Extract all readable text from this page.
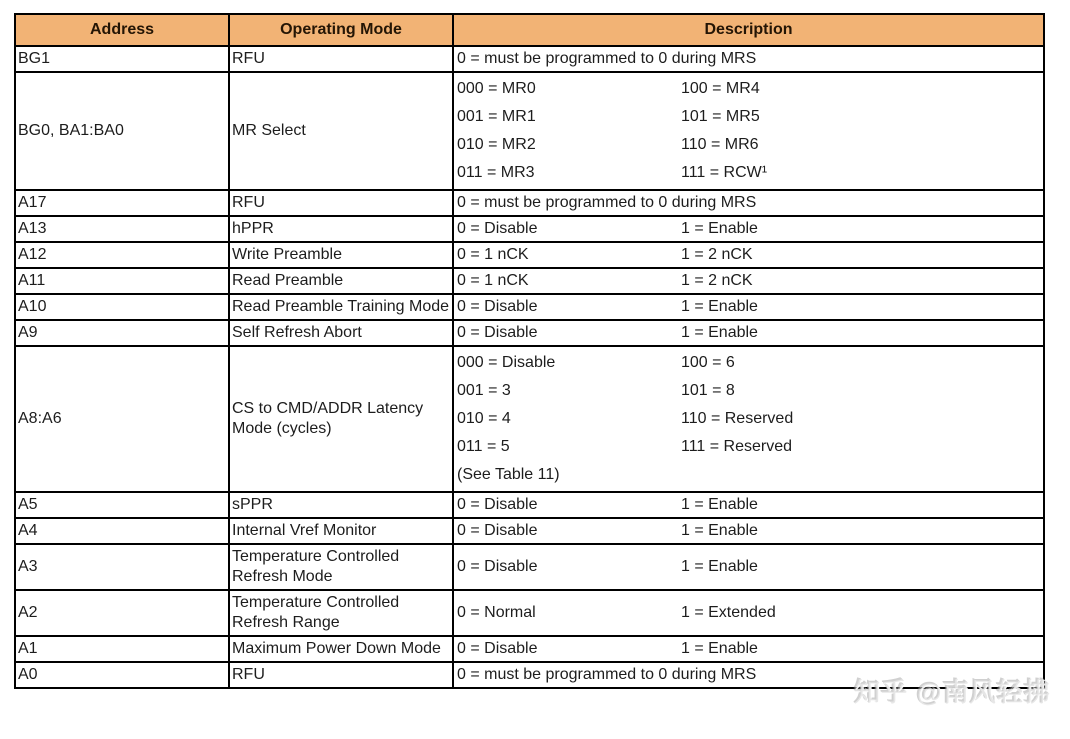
Address	Operating Mode	Description
BG1	RFU	0 = must be programmed to 0 during MRS

BG0, BA1:BA0	MR Select	000 = MR0 100 = MR4
001 = MR1 101 = MR5
010 = MR2 110 = MR6
011 = MR3 111 = RCW¹

A17	RFU	0 = must be programmed to 0 during MRS

A13	hPPR	0 = Disable 1 = Enable

A12	Write Preamble	0 = 1 nCK 1 = 2 nCK

A11	Read Preamble	0 = 1 nCK 1 = 2 nCK

A10	Read Preamble Training Mode	0 = Disable 1 = Enable

A9	Self Refresh Abort	0 = Disable 1 = Enable

A8:A6	CS to CMD/ADDR Latency Mode (cycles)	000 = Disable 100 = 6
001 = 3 101 = 8
010 = 4 110 = Reserved
011 = 5 111 = Reserved
(See Table 11)

A5	sPPR	0 = Disable 1 = Enable

A4	Internal Vref Monitor	0 = Disable 1 = Enable

A3	Temperature Controlled Refresh Mode	0 = Disable 1 = Enable

A2	Temperature Controlled Refresh Range	0 = Normal 1 = Extended

A1	Maximum Power Down Mode	0 = Disable 1 = Enable

A0	RFU	0 = must be programmed to 0 during MRS
知乎 @南风轻拂
